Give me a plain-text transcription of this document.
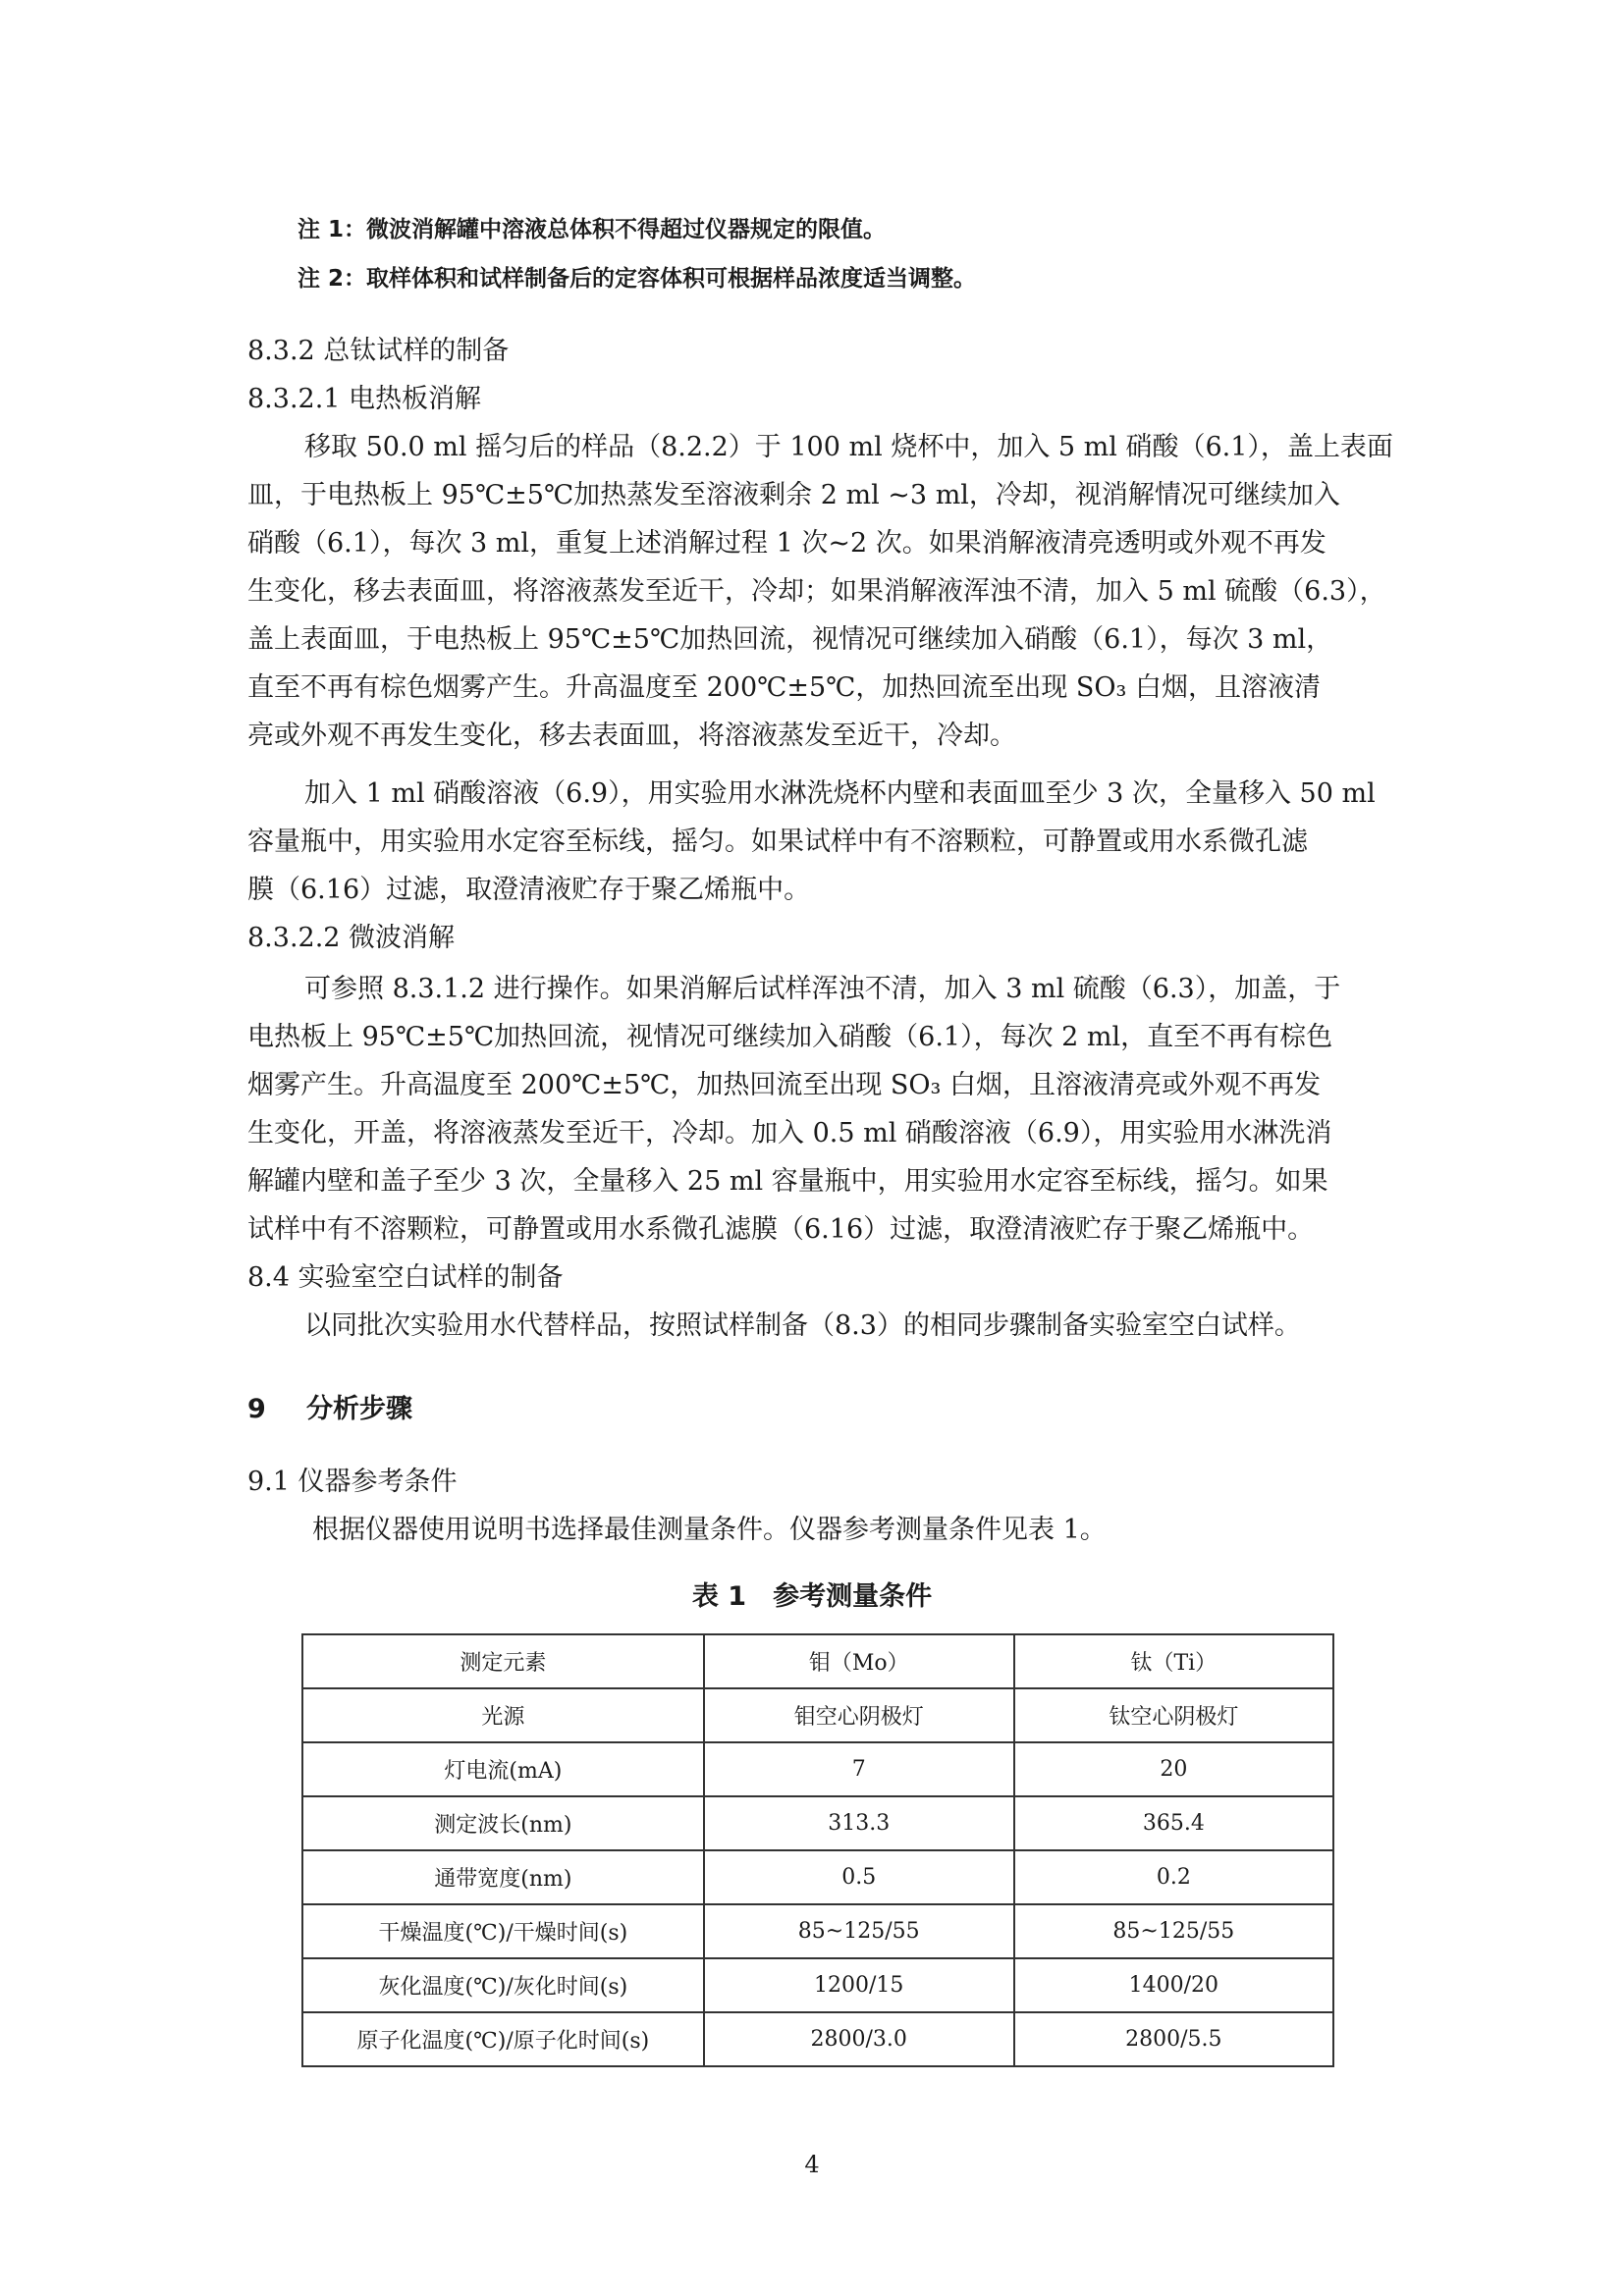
注 1：微波消解罐中溶液总体积不得超过仪器规定的限值。
注 2：取样体积和试样制备后的定容体积可根据样品浓度适当调整。
8.3.2 总钛试样的制备
8.3.2.1 电热板消解
移取 50.0 ml 摇匀后的样品（8.2.2）于 100 ml 烧杯中，加入 5 ml 硝酸（6.1），盖上表面
皿，于电热板上 95℃±5℃加热蒸发至溶液剩余 2 ml ~3 ml，冷却，视消解情况可继续加入
硝酸（6.1），每次 3 ml，重复上述消解过程 1 次~2 次。如果消解液清亮透明或外观不再发
生变化，移去表面皿，将溶液蒸发至近干，冷却；如果消解液浑浊不清，加入 5 ml 硫酸（6.3），
盖上表面皿，于电热板上 95℃±5℃加热回流，视情况可继续加入硝酸（6.1），每次 3 ml，
直至不再有棕色烟雾产生。升高温度至 200℃±5℃，加热回流至出现 SO₃ 白烟，且溶液清
亮或外观不再发生变化，移去表面皿，将溶液蒸发至近干，冷却。
加入 1 ml 硝酸溶液（6.9），用实验用水淋洗烧杯内壁和表面皿至少 3 次，全量移入 50 ml
容量瓶中，用实验用水定容至标线，摇匀。如果试样中有不溶颗粒，可静置或用水系微孔滤
膜（6.16）过滤，取澄清液贮存于聚乙烯瓶中。
8.3.2.2 微波消解
可参照 8.3.1.2 进行操作。如果消解后试样浑浊不清，加入 3 ml 硫酸（6.3），加盖，于
电热板上 95℃±5℃加热回流，视情况可继续加入硝酸（6.1），每次 2 ml，直至不再有棕色
烟雾产生。升高温度至 200℃±5℃，加热回流至出现 SO₃ 白烟，且溶液清亮或外观不再发
生变化，开盖，将溶液蒸发至近干，冷却。加入 0.5 ml 硝酸溶液（6.9），用实验用水淋洗消
解罐内壁和盖子至少 3 次，全量移入 25 ml 容量瓶中，用实验用水定容至标线，摇匀。如果
试样中有不溶颗粒，可静置或用水系微孔滤膜（6.16）过滤，取澄清液贮存于聚乙烯瓶中。
8.4 实验室空白试样的制备
以同批次实验用水代替样品，按照试样制备（8.3）的相同步骤制备实验室空白试样。
9 分析步骤
9.1 仪器参考条件
根据仪器使用说明书选择最佳测量条件。仪器参考测量条件见表 1。
表 1　参考测量条件
测定元素	钼（Mo）	钛（Ti）
光源	钼空心阴极灯	钛空心阴极灯
灯电流(mA)	7	20
测定波长(nm)	313.3	365.4
通带宽度(nm)	0.5	0.2
干燥温度(℃)/干燥时间(s)	85~125/55	85~125/55
灰化温度(℃)/灰化时间(s)	1200/15	1400/20
原子化温度(℃)/原子化时间(s)	2800/3.0	2800/5.5
4
